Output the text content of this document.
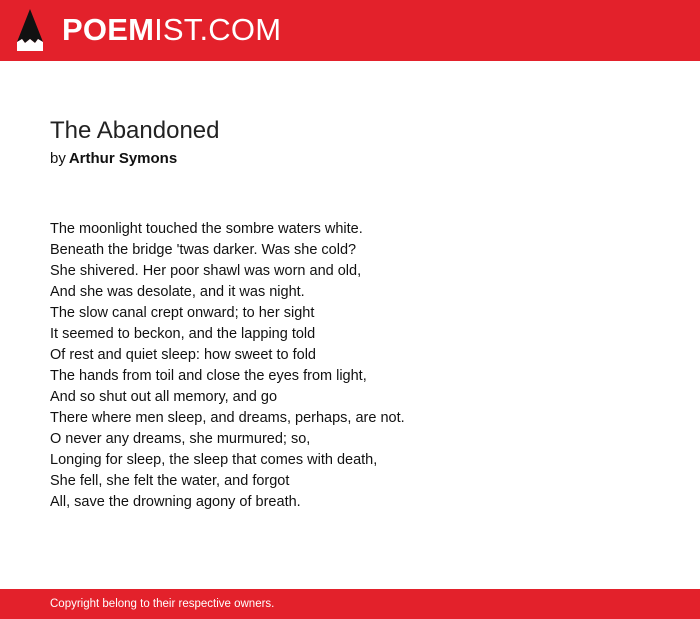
POEMIST.COM
The Abandoned
by Arthur Symons
The moonlight touched the sombre waters white.
Beneath the bridge 'twas darker. Was she cold?
She shivered. Her poor shawl was worn and old,
And she was desolate, and it was night.
The slow canal crept onward; to her sight
It seemed to beckon, and the lapping told
Of rest and quiet sleep: how sweet to fold
The hands from toil and close the eyes from light,
And so shut out all memory, and go
There where men sleep, and dreams, perhaps, are not.
O never any dreams, she murmured; so,
Longing for sleep, the sleep that comes with death,
She fell, she felt the water, and forgot
All, save the drowning agony of breath.
Copyright belong to their respective owners.
